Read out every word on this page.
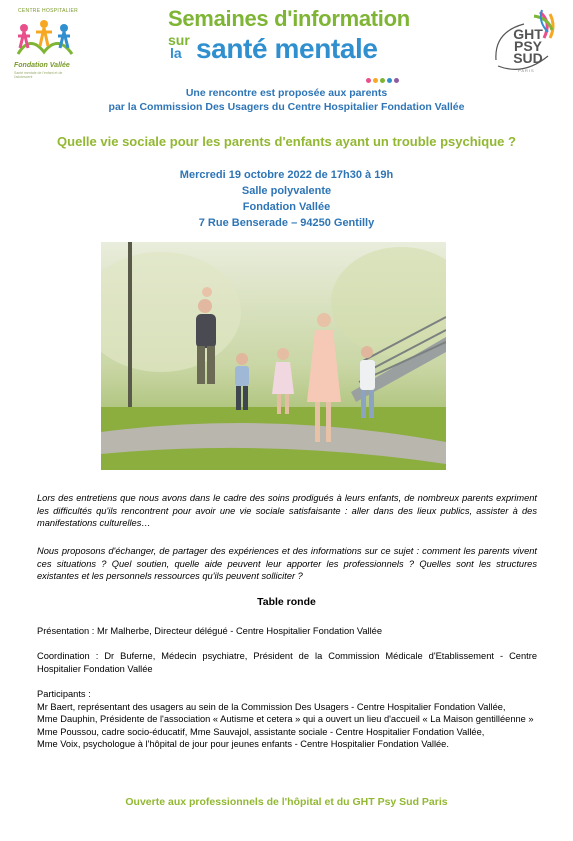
CENTRE HOSPITALIER
Fondation Vallée
Santé mentale de l'enfant et de l'adolescent
Semaines d'information
sur
la santé mentale	GHT
PSY
SUD
PARIS
Une rencontre est proposée aux parents
par la Commission Des Usagers du Centre Hospitalier Fondation Vallée
Quelle vie sociale pour les parents d'enfants ayant un trouble psychique ?
Mercredi 19 octobre 2022 de 17h30 à 19h
Salle polyvalente
Fondation Vallée
7 Rue Benserade – 94250 Gentilly
Lors des entretiens que nous avons dans le cadre des soins prodigués à leurs enfants, de nombreux parents expriment les difficultés qu'ils rencontrent pour avoir une vie sociale satisfaisante : aller dans des lieux publics, assister à des manifestations culturelles…
Nous proposons d'échanger, de partager des expériences et des informations sur ce sujet : comment les parents vivent ces situations ? Quel soutien, quelle aide peuvent leur apporter les professionnels ? Quelles sont les structures existantes et les personnels ressources qu'ils peuvent solliciter ?
Table ronde
Présentation : Mr Malherbe, Directeur délégué - Centre Hospitalier Fondation Vallée
Coordination : Dr Buferne, Médecin psychiatre, Président de la Commission Médicale d'Etablissement - Centre Hospitalier Fondation Vallée
Participants :
Mr Baert, représentant des usagers au sein de la Commission Des Usagers - Centre Hospitalier Fondation Vallée,
Mme Dauphin, Présidente de l'association « Autisme et cetera » qui a ouvert un lieu d'accueil « La Maison gentilléenne »
Mme Poussou, cadre socio-éducatif, Mme Sauvajol, assistante sociale - Centre Hospitalier Fondation Vallée,
Mme Voix, psychologue à l'hôpital de jour pour jeunes enfants - Centre Hospitalier Fondation Vallée.
Ouverte aux professionnels de l'hôpital et du GHT Psy Sud Paris
